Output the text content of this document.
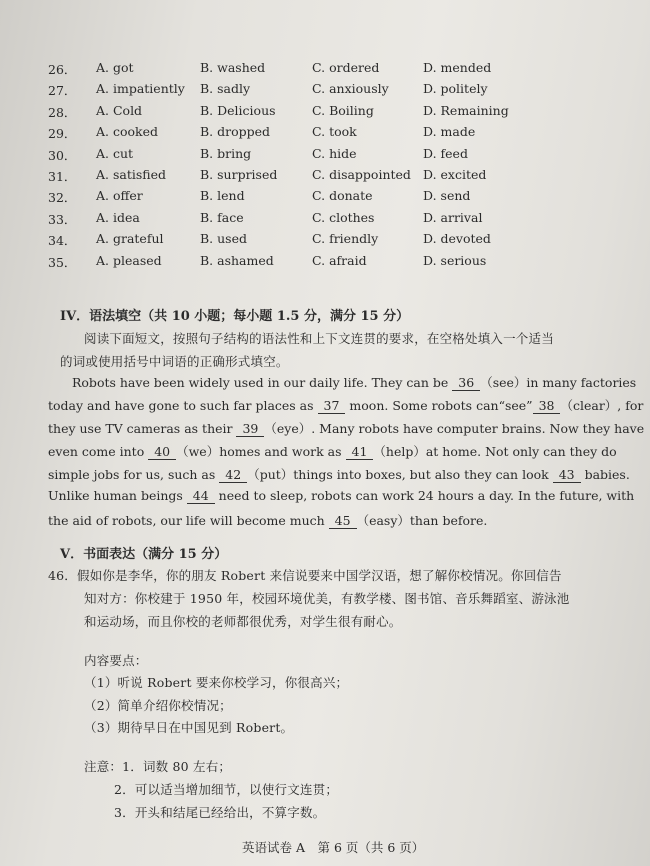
26． A. got	B. washed	C. ordered	D. mended
27． A. impatiently B. sadly	C. anxiously	D. politely
28． A. Cold	B. Delicious	C. Boiling	D. Remaining
29． A. cooked	B. dropped	C. took	D. made
30． A. cut	B. bring	C. hide	D. feed
31． A. satisfied	B. surprised	C. disappointed D. excited
32． A. offer	B. lend	C. donate	D. send
33． A. idea	B. face	C. clothes	D. arrival
34． A. grateful	B. used	C. friendly	D. devoted
35． A. pleased	B. ashamed	C. afraid	D. serious
IV．语法填空（共 10 小题；每小题 1.5 分，满分 15 分）
阅读下面短文，按照句子结构的语法性和上下文连贯的要求，在空格处填入一个适当
的词或使用括号中词语的正确形式填空。
Robots have been widely used in our daily life. They can be 36 （see）in many factories
today and have gone to such far places as 37 moon. Some robots can“see” 38 （clear）, for
they use TV cameras as their 39 （eye）. Many robots have computer brains. Now they have
even come into 40 （we）homes and work as 41 （help）at home. Not only can they do
simple jobs for us, such as 42 （put）things into boxes, but also they can look 43 babies.
Unlike human beings 44 need to sleep, robots can work 24 hours a day. In the future, with
the aid of robots, our life will become much 45 （easy）than before.
V．书面表达（满分 15 分）
46．假如你是李华，你的朋友 Robert 来信说要来中国学汉语，想了解你校情况。你回信告
知对方：你校建于 1950 年，校园环境优美，有教学楼、图书馆、音乐舞蹈室、游泳池
和运动场，而且你校的老师都很优秀，对学生很有耐心。
内容要点：
（1）听说 Robert 要来你校学习，你很高兴；
（2）简单介绍你校情况；
（3）期待早日在中国见到 Robert。
注意：1．词数 80 左右；
2．可以适当增加细节，以使行文连贯；
3．开头和结尾已经给出，不算字数。
英语试卷 A　第 6 页（共 6 页）
